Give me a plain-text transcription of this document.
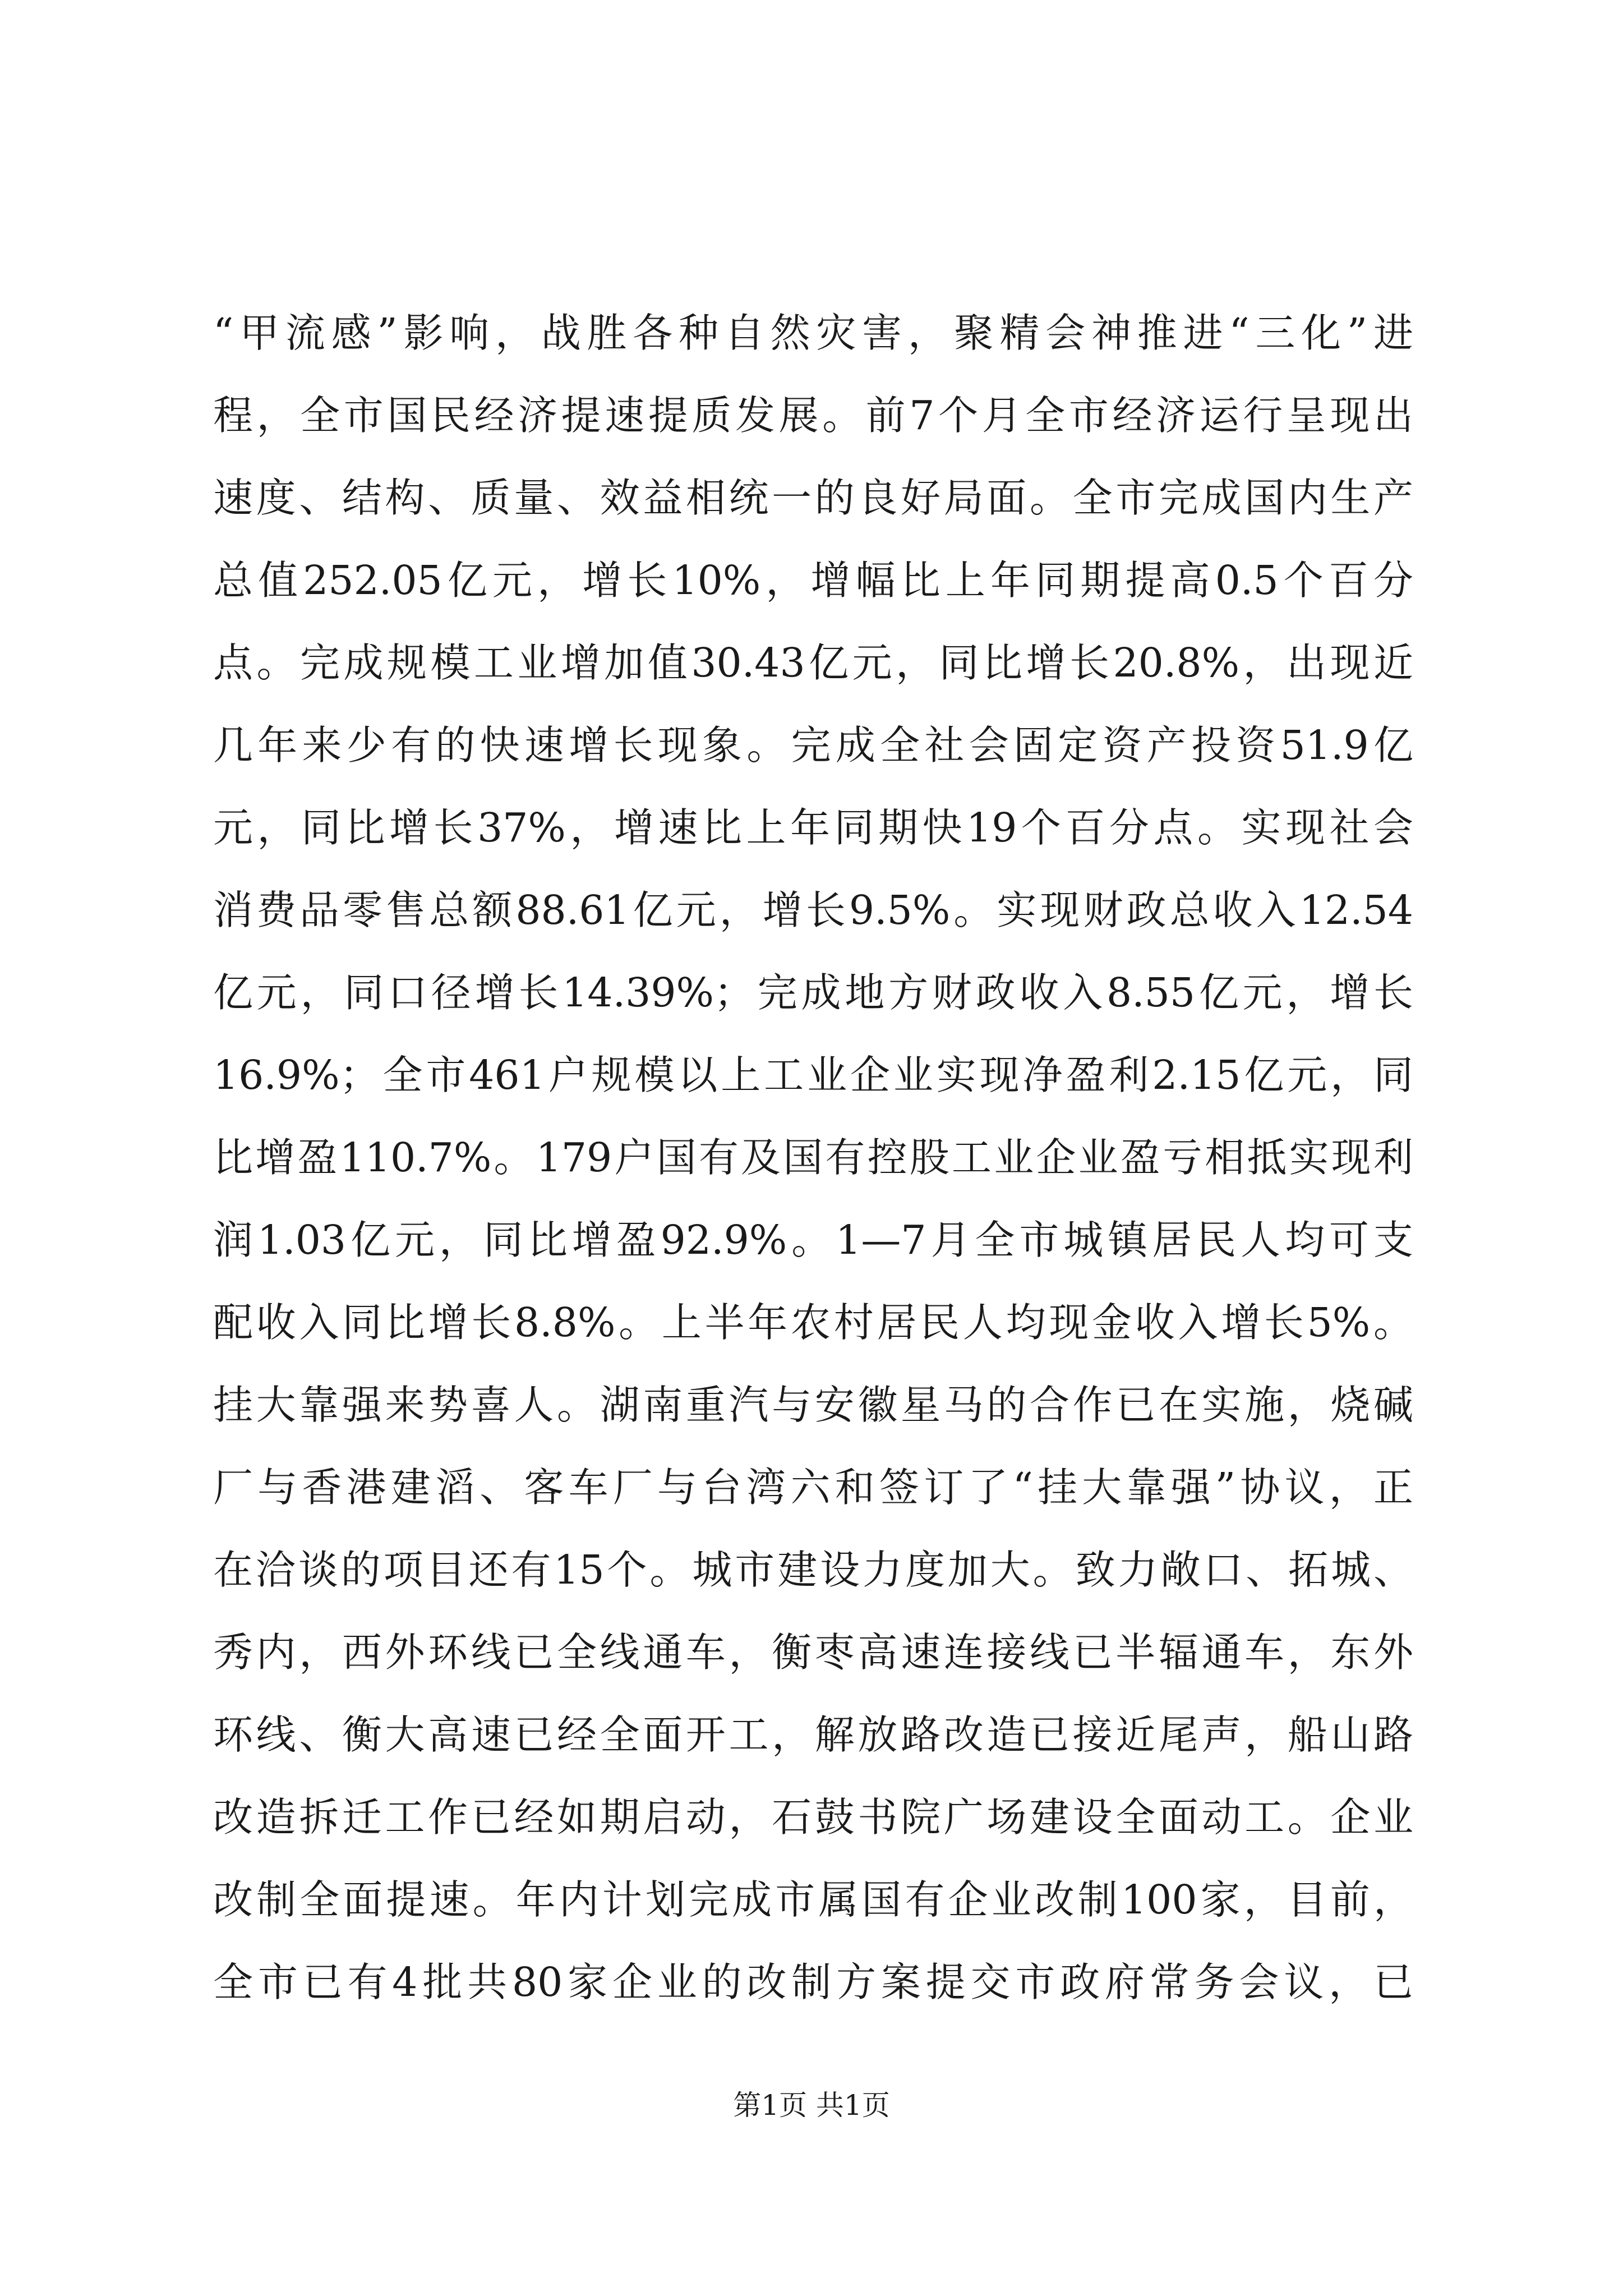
“甲流感”影响，战胜各种自然灾害，聚精会神推进“三化”进
程，全市国民经济提速提质发展。前7个月全市经济运行呈现出
速度、结构、质量、效益相统一的良好局面。全市完成国内生产
总值252.05亿元，增长10%，增幅比上年同期提高0.5个百分
点。完成规模工业增加值30.43亿元，同比增长20.8%，出现近
几年来少有的快速增长现象。完成全社会固定资产投资51.9亿
元，同比增长37%，增速比上年同期快19个百分点。实现社会
消费品零售总额88.61亿元，增长9.5%。实现财政总收入12.54
亿元，同口径增长14.39%；完成地方财政收入8.55亿元，增长
16.9%；全市461户规模以上工业企业实现净盈利2.15亿元，同
比增盈110.7%。179户国有及国有控股工业企业盈亏相抵实现利
润1.03亿元，同比增盈92.9%。1—7月全市城镇居民人均可支
配收入同比增长8.8%。上半年农村居民人均现金收入增长5%。
挂大靠强来势喜人。湖南重汽与安徽星马的合作已在实施，烧碱
厂与香港建滔、客车厂与台湾六和签订了“挂大靠强”协议，正
在洽谈的项目还有15个。城市建设力度加大。致力敞口、拓城、
秀内，西外环线已全线通车，衡枣高速连接线已半辐通车，东外
环线、衡大高速已经全面开工，解放路改造已接近尾声，船山路
改造拆迁工作已经如期启动，石鼓书院广场建设全面动工。企业
改制全面提速。年内计划完成市属国有企业改制100家，目前，
全市已有4批共80家企业的改制方案提交市政府常务会议，已
第1页 共1页
